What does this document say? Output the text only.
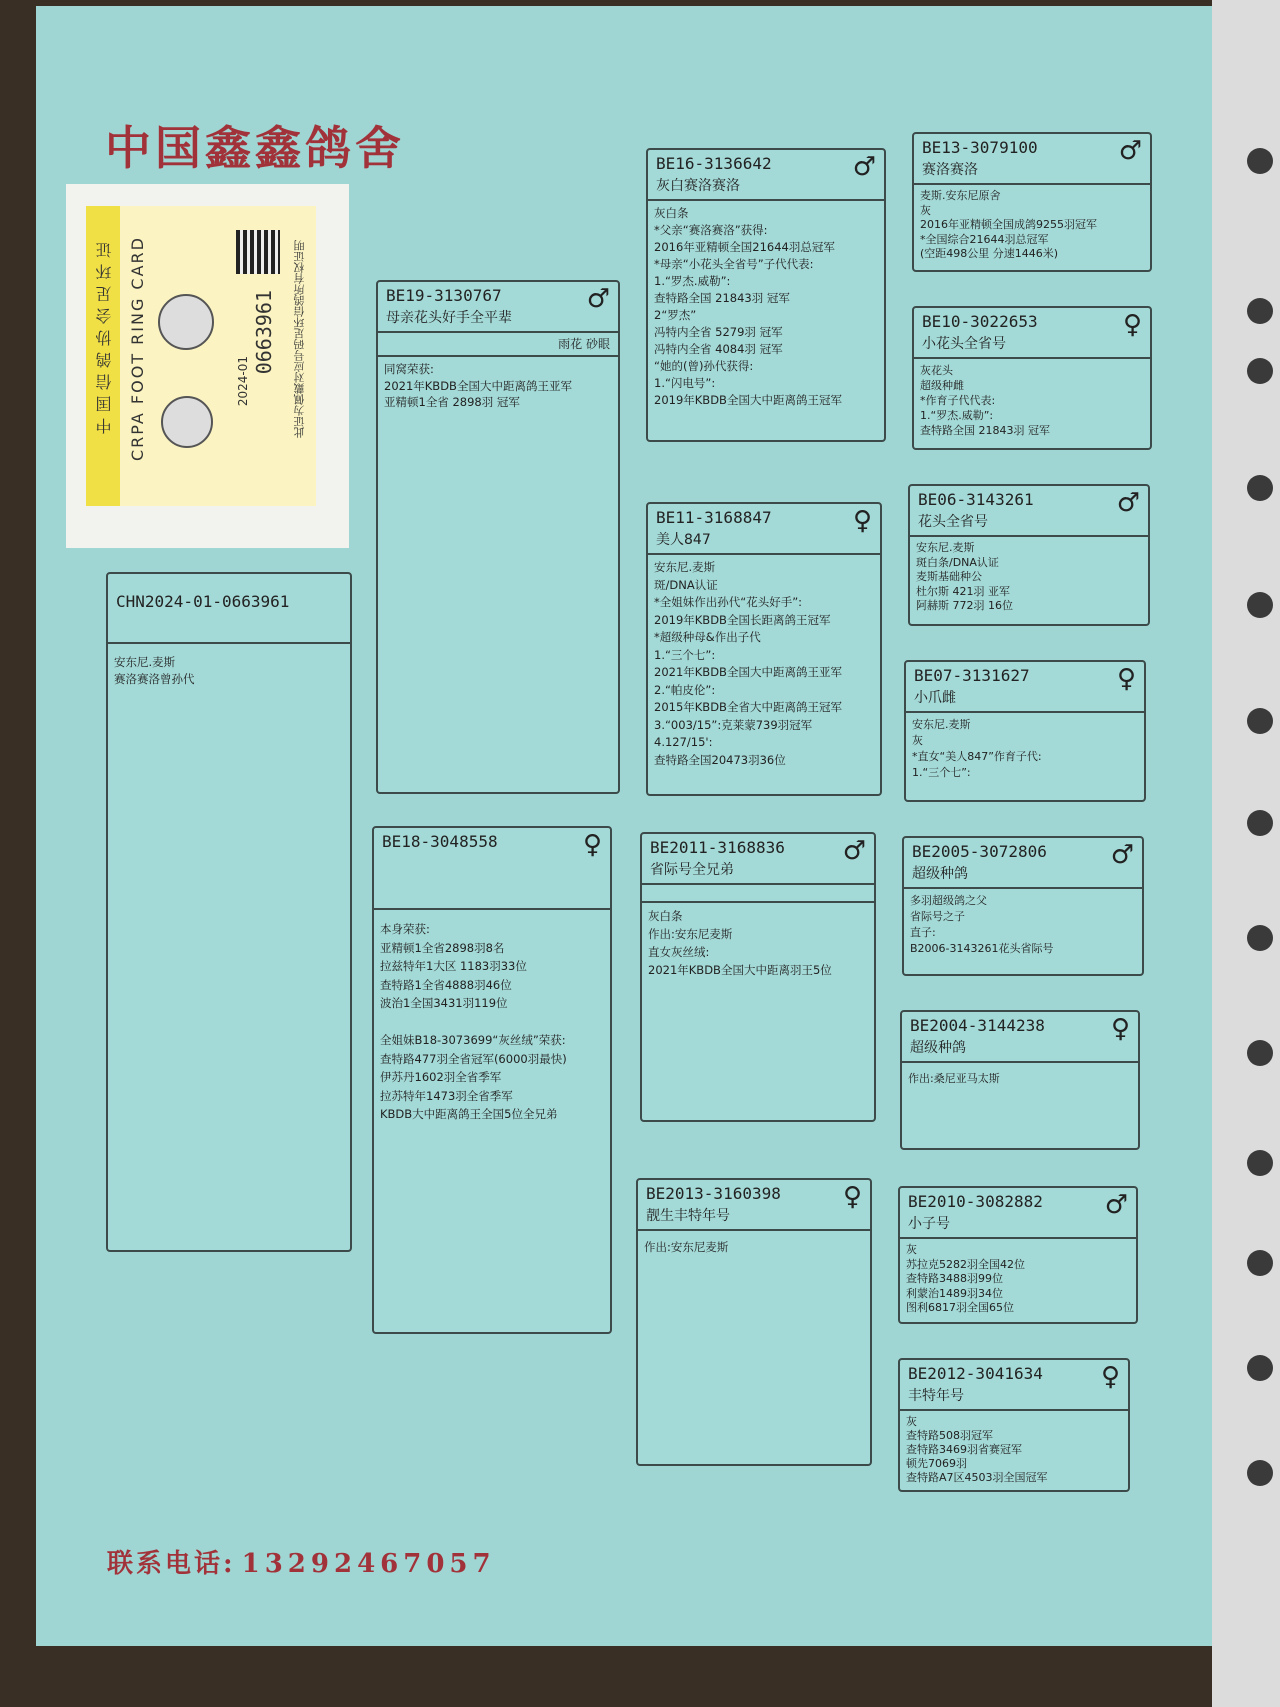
中国鑫鑫鸽舍
中国信鸽协会足环证 CRPA FOOT RING CARD	2024-01
0663961 此证为佩戴对应号码足环信鸽所有权证明
CHN2024-01-0663961
安东尼.麦斯
赛洛赛洛曾孙代
BE19-3130767
母亲花头好手全平辈
♂
雨花 砂眼
同窝荣获:
2021年KBDB全国大中距离鸽王亚军
亚精顿1全省 2898羽 冠军
BE18-3048558	♀
本身荣获:
亚精顿1全省2898羽8名
拉兹特年1大区 1183羽33位
查特路1全省4888羽46位
波治1全国3431羽119位

全姐妹B18-3073699“灰丝绒”荣获:
查特路477羽全省冠军(6000羽最快)
伊苏丹1602羽全省季军
拉苏特年1473羽全省季军
KBDB大中距离鸽王全国5位全兄弟
BE16-3136642
灰白赛洛赛洛
♂
灰白条
*父亲“赛洛赛洛”获得:
2016年亚精顿全国21644羽总冠军
*母亲“小花头全省号”子代代表:
1.“罗杰.威勒”:
查特路全国 21843羽 冠军
2“罗杰”
冯特内全省 5279羽 冠军
冯特内全省 4084羽 冠军
“她的(曾)孙代获得:
1.“闪电号”:
2019年KBDB全国大中距离鸽王冠军
BE11-3168847
美人847
♀
安东尼.麦斯
斑/DNA认证
*全姐妹作出孙代“花头好手”:
2019年KBDB全国长距离鸽王冠军
*超级种母&作出子代
1.“三个七”:
2021年KBDB全国大中距离鸽王亚军
2.“帕皮伦”:
2015年KBDB全省大中距离鸽王冠军
3.“003/15”:克莱蒙739羽冠军
4.127/15':
查特路全国20473羽36位
BE2011-3168836
省际号全兄弟
♂
灰白条
作出:安东尼麦斯
直女灰丝绒:
2021年KBDB全国大中距离羽王5位
BE2013-3160398
靓生丰特年号
♀
作出:安东尼麦斯
BE13-3079100
赛洛赛洛
♂
麦斯.安东尼原舍
灰
2016年亚精顿全国成鸽9255羽冠军
*全国综合21644羽总冠军
(空距498公里 分速1446米)
BE10-3022653
小花头全省号
♀
灰花头
超级种雌
*作育子代代表:
1.“罗杰.威勒”:
查特路全国 21843羽 冠军
BE06-3143261
花头全省号
♂
安东尼.麦斯
斑白条/DNA认证
麦斯基础种公
杜尔斯 421羽 亚军
阿赫斯 772羽 16位
BE07-3131627
小爪雌
♀
安东尼.麦斯
灰
*直女“美人847”作育子代:
1.“三个七”:
BE2005-3072806
超级种鸽
♂
多羽超级鸽之父
省际号之子
直子:
B2006-3143261花头省际号
BE2004-3144238
超级种鸽
♀
作出:桑尼亚马太斯
BE2010-3082882
小子号
♂
灰
苏拉克5282羽全国42位
查特路3488羽99位
利蒙治1489羽34位
图利6817羽全国65位
BE2012-3041634
丰特年号
♀
灰
查特路508羽冠军
查特路3469羽省赛冠军
顿先7069羽
查特路A7区4503羽全国冠军
联系电话: 13292467057
